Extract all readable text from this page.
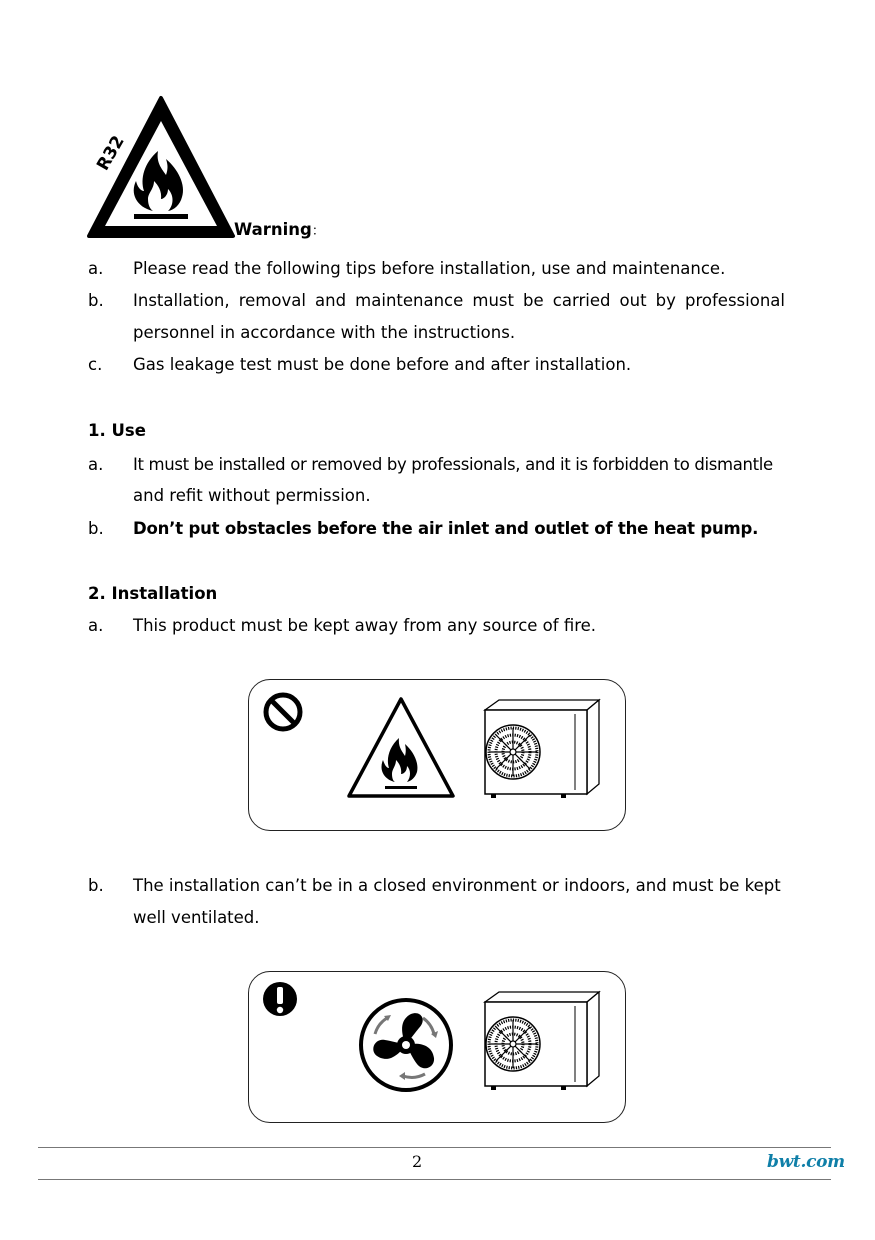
R32
Warning：
a. Please read the following tips before installation, use and maintenance.
b. Installation, removal and maintenance must be carried out by professional
personnel in accordance with the instructions.
c. Gas leakage test must be done before and after installation.
1. Use
a. It must be installed or removed by professionals, and it is forbidden to dismantle
and refit without permission.
b. Don’t put obstacles before the air inlet and outlet of the heat pump.
2. Installation
a. This product must be kept away from any source of fire.
b. The installation can’t be in a closed environment or indoors, and must be kept
well ventilated.
2	bwt.com
